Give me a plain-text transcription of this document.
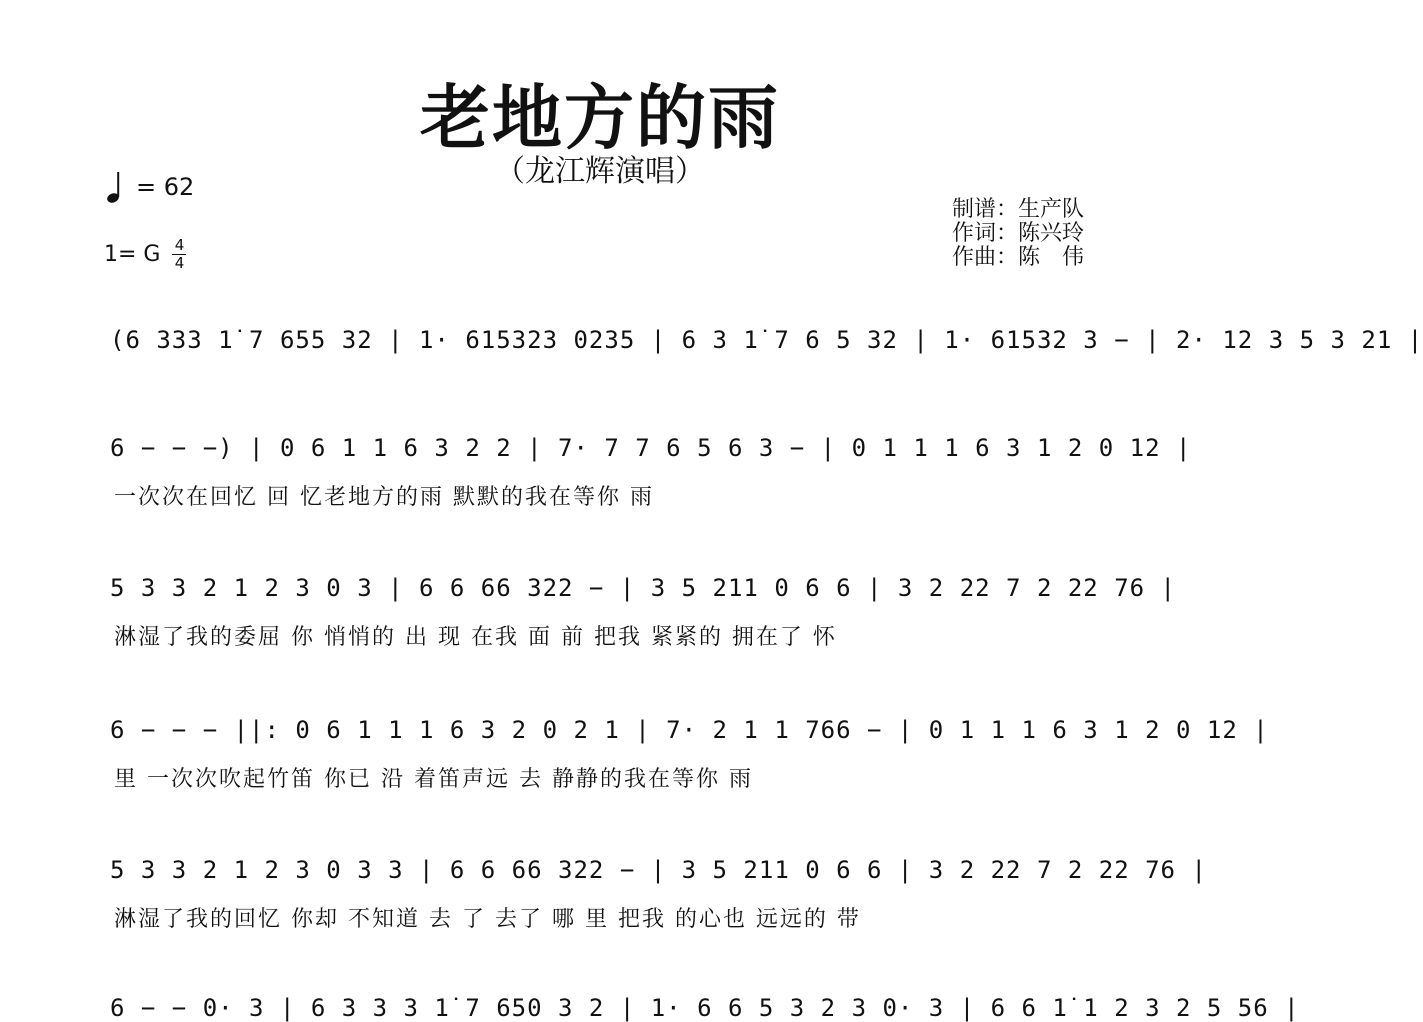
老地方的雨
（龙江辉演唱）
= 62
1= G 4
4
制谱：生产队
作词：陈兴玲
作曲：陈　伟
(6 333 1̇ 7 655 32 | 1· 615323 0235 | 6 3 1̇ 7 6 5 32 | 1· 61532 3 − | 2· 12 3 5 3 21 |
6 − − −) | 0 6 1 1 6 3 2 2 | 7· 7 7 6 5 6 3 − | 0 1 1 1 6 3 1 2 0 12 |
一次次在回忆 回 忆老地方的雨 默默的我在等你 雨
5 3 3 2 1 2 3 0 3 | 6 6 66 322 − | 3 5 211 0 6 6 | 3 2 22 7 2 22 76 |
淋湿了我的委屈 你 悄悄的 出 现 在我 面 前 把我 紧紧的 拥在了 怀
6 − − − ||: 0 6 1 1 1 6 3 2 0 2 1 | 7· 2 1 1 766 − | 0 1 1 1 6 3 1 2 0 12 |
里 一次次吹起竹笛 你已 沿 着笛声远 去 静静的我在等你 雨
5 3 3 2 1 2 3 0 3 3 | 6 6 66 322 − | 3 5 211 0 6 6 | 3 2 22 7 2 22 76 |
淋湿了我的回忆 你却 不知道 去 了 去了 哪 里 把我 的心也 远远的 带
6 − − 0· 3 | 6 3 3 3 1̇ 7 650 3 2 | 1· 6 6 5 3 2 3 0· 3 | 6 6 1̇ 1 2 3 2 5 56 |
